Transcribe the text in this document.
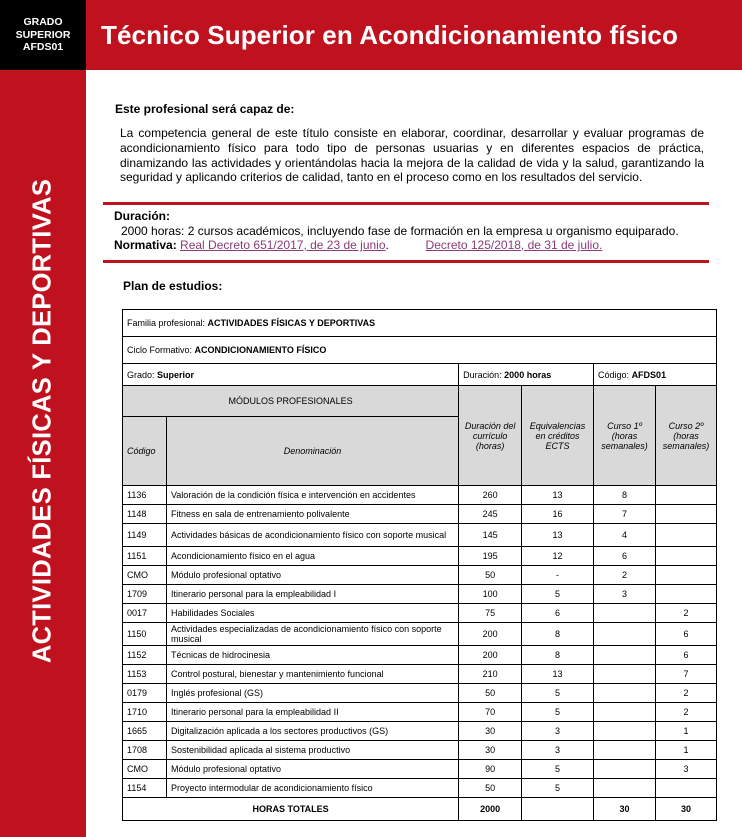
GRADO
SUPERIOR
AFDS01 Técnico Superior en Acondicionamiento físico
ACTIVIDADES FÍSICAS Y DEPORTIVAS
Este profesional será capaz de:
La competencia general de este título consiste en elaborar, coordinar, desarrollar y evaluar programas de acondicionamiento físico para todo tipo de personas usuarias y en diferentes espacios de práctica, dinamizando las actividades y orientándolas hacia la mejora de la calidad de vida y la salud, garantizando la seguridad y aplicando criterios de calidad, tanto en el proceso como en los resultados del servicio.
Duración:
2000 horas: 2 cursos académicos, incluyendo fase de formación en la empresa u organismo equiparado.
Normativa: Real Decreto 651/2017, de 23 de junio.	Decreto 125/2018, de 31 de julio.
Plan de estudios:
Familia profesional: ACTIVIDADES FÍSICAS Y DEPORTIVAS					
Ciclo Formativo: ACONDICIONAMIENTO FÍSICO					
Grado: Superior		Duración: 2000 horas		Código: AFDS01	
MÓDULOS PROFESIONALES		Duración del currículo (horas)	Equivalencias en créditos ECTS	Curso 1º (horas semanales)	Curso 2º (horas semanales)
Código	Denominación				
1136	Valoración de la condición física e intervención en accidentes	260	13	8	
1148	Fitness en sala de entrenamiento polivalente	245	16	7	
1149	Actividades básicas de acondicionamiento físico con soporte musical	145	13	4	
1151	Acondicionamiento físico en el agua	195	12	6	
CMO	Módulo profesional optativo	50	-	2	
1709	Itinerario personal para la empleabilidad I	100	5	3	
0017	Habilidades Sociales	75	6		2
1150	Actividades especializadas de acondicionamiento físico con soporte musical	200	8		6
1152	Técnicas de hidrocinesia	200	8		6
1153	Control postural, bienestar y mantenimiento funcional	210	13		7
0179	Inglés profesional (GS)	50	5		2
1710	Itinerario personal para la empleabilidad II	70	5		2
1665	Digitalización aplicada a los sectores productivos (GS)	30	3		1
1708	Sostenibilidad aplicada al sistema productivo	30	3		1
CMO	Módulo profesional optativo	90	5		3
1154	Proyecto intermodular de acondicionamiento físico	50	5		
HORAS TOTALES		2000		30	30
